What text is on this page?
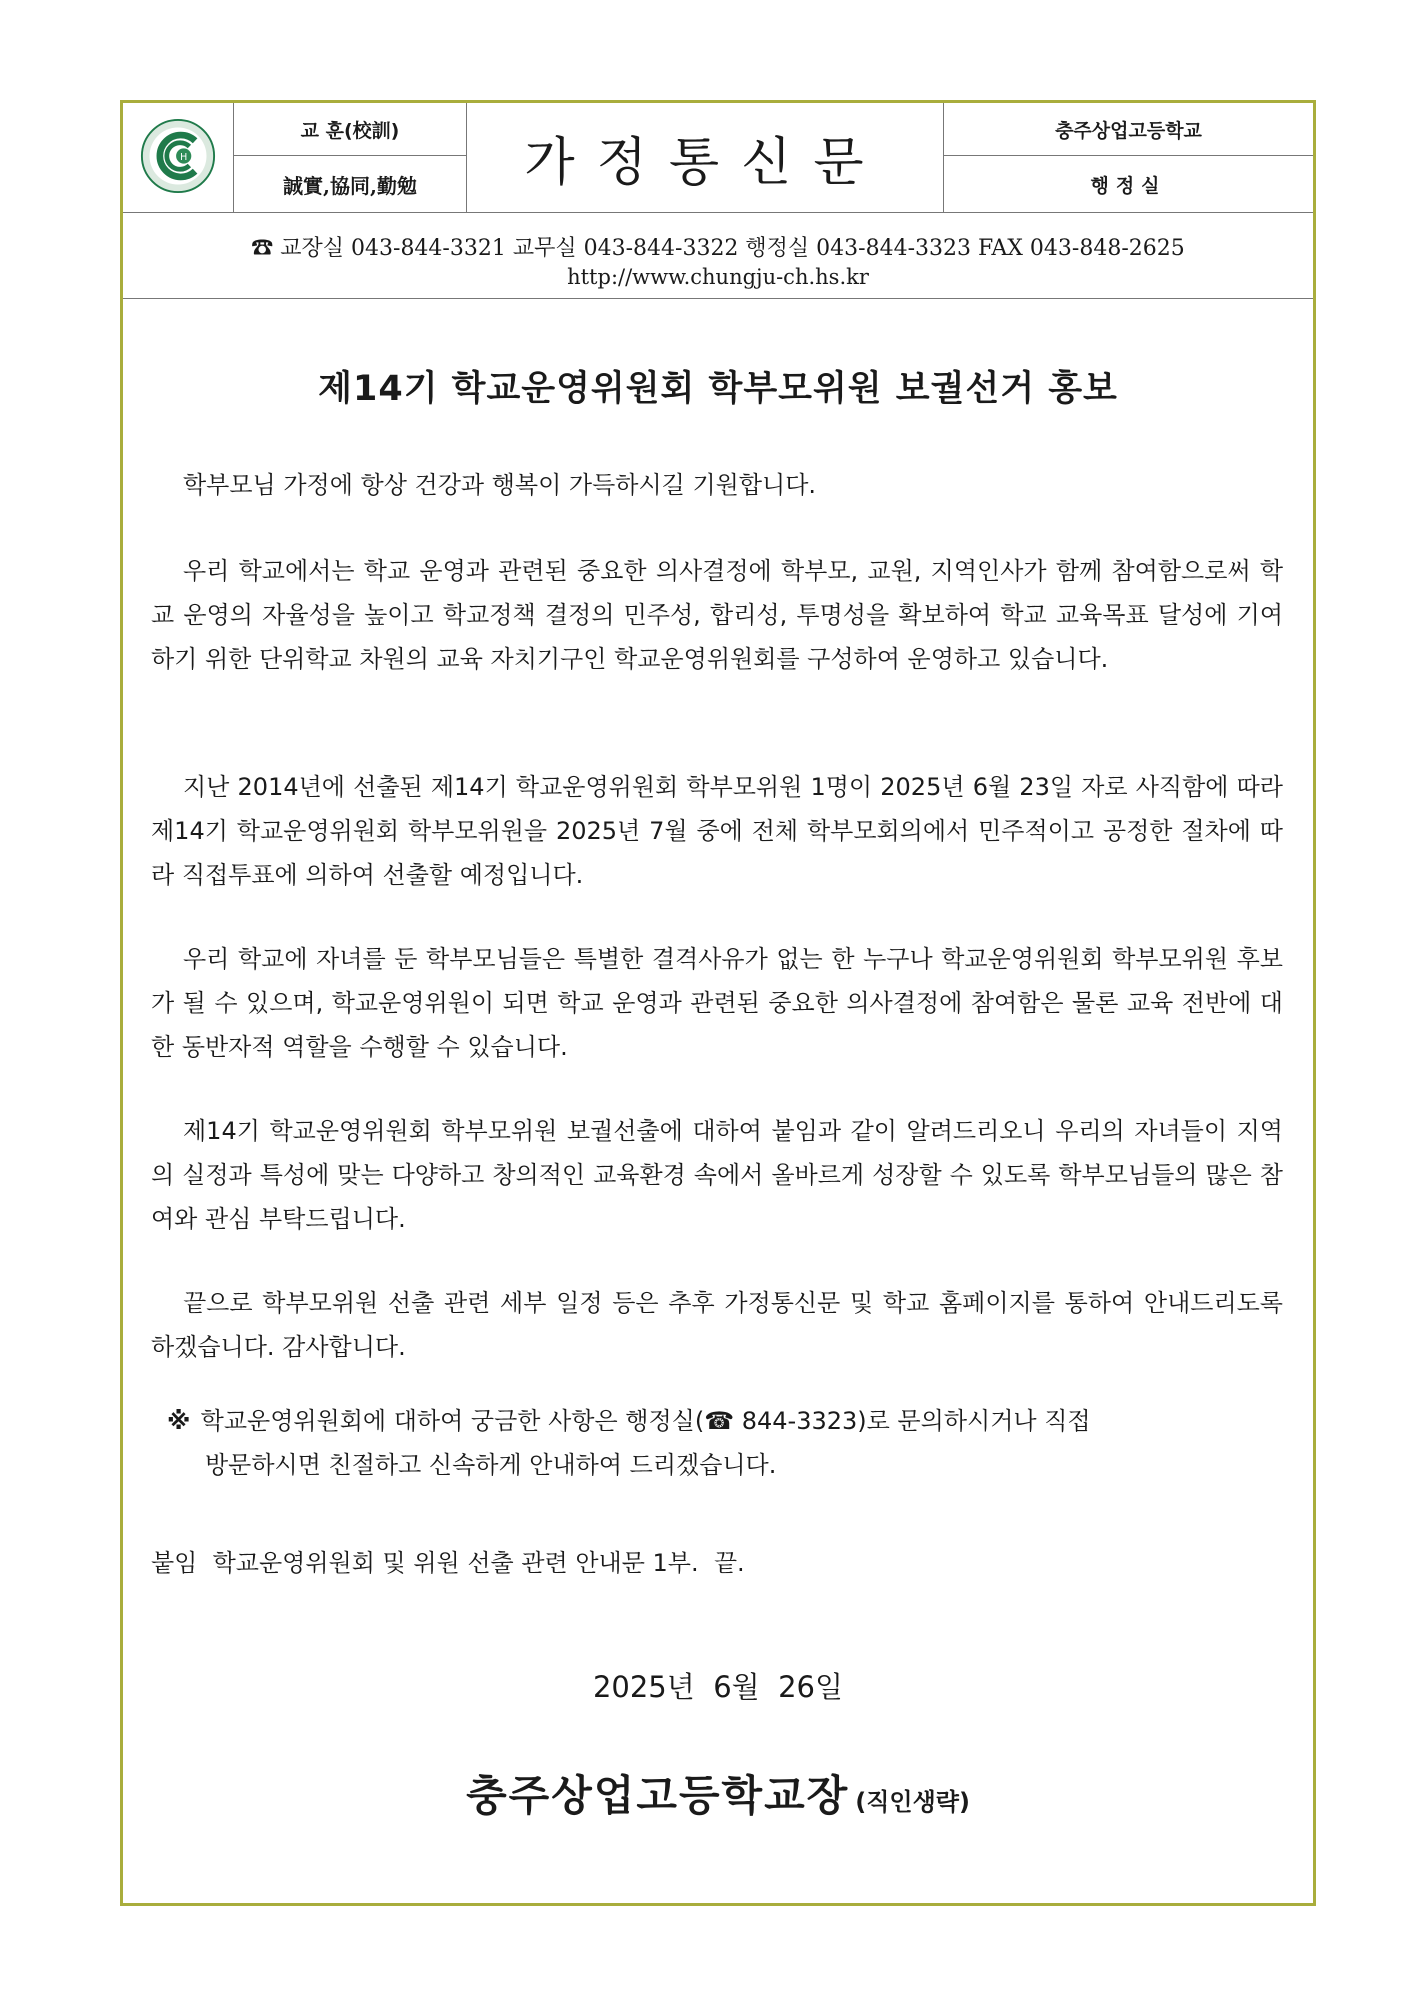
H	교 훈(校訓)	가정통신문	충주상업고등학교
	誠實,協同,勤勉		행정실
☎ 교장실 043-844-3321 교무실 043-844-3322 행정실 043-844-3323 FAX 043-848-2625
http://www.chungju-ch.hs.kr
제14기 학교운영위원회 학부모위원 보궐선거 홍보

학부모님 가정에 항상 건강과 행복이 가득하시길 기원합니다.

우리 학교에서는 학교 운영과 관련된 중요한 의사결정에 학부모, 교원, 지역인사가 함께 참여함으로써 학교 운영의 자율성을 높이고 학교정책 결정의 민주성, 합리성, 투명성을 확보하여 학교 교육목표 달성에 기여하기 위한 단위학교 차원의 교육 자치기구인 학교운영위원회를 구성하여 운영하고 있습니다.

지난 2014년에 선출된 제14기 학교운영위원회 학부모위원 1명이 2025년 6월 23일 자로 사직함에 따라 제14기 학교운영위원회 학부모위원을 2025년 7월 중에 전체 학부모회의에서 민주적이고 공정한 절차에 따라 직접투표에 의하여 선출할 예정입니다.

우리 학교에 자녀를 둔 학부모님들은 특별한 결격사유가 없는 한 누구나 학교운영위원회 학부모위원 후보가 될 수 있으며, 학교운영위원이 되면 학교 운영과 관련된 중요한 의사결정에 참여함은 물론 교육 전반에 대한 동반자적 역할을 수행할 수 있습니다.

제14기 학교운영위원회 학부모위원 보궐선출에 대하여 붙임과 같이 알려드리오니 우리의 자녀들이 지역의 실정과 특성에 맞는 다양하고 창의적인 교육환경 속에서 올바르게 성장할 수 있도록 학부모님들의 많은 참여와 관심 부탁드립니다.

끝으로 학부모위원 선출 관련 세부 일정 등은 추후 가정통신문 및 학교 홈페이지를 통하여 안내드리도록 하겠습니다. 감사합니다.

※ 학교운영위원회에 대하여 궁금한 사항은 행정실(☎ 844-3323)로 문의하시거나 직접
방문하시면 친절하고 신속하게 안내하여 드리겠습니다.

붙임  학교운영위원회 및 위원 선출 관련 안내문 1부.  끝.
2025년  6월  26일
충주상업고등학교장 (직인생략)
